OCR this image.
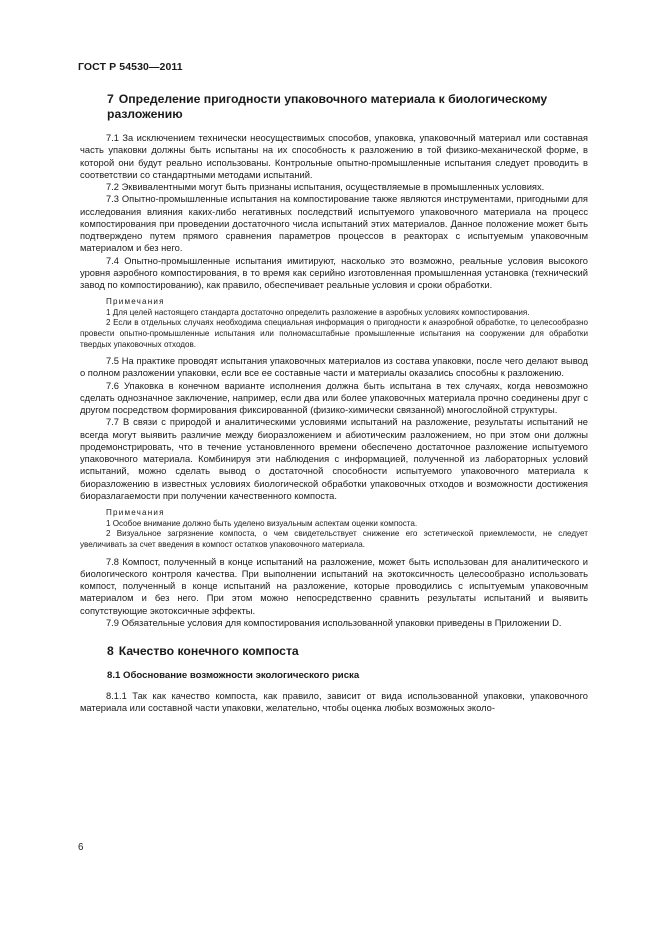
ГОСТ Р 54530—2011
7 Определение пригодности упаковочного материала к биологическому разложению

7.1 За исключением технически неосуществимых способов, упаковка, упаковочный материал или составная часть упаковки должны быть испытаны на их способность к разложению в той физико-механической форме, в которой они будут реально использованы. Контрольные опытно-промышленные испытания следует проводить в соответствии со стандартными методами испытаний.

7.2 Эквивалентными могут быть признаны испытания, осуществляемые в промышленных условиях.

7.3 Опытно-промышленные испытания на компостирование также являются инструментами, пригодными для исследования влияния каких-либо негативных последствий испытуемого упаковочного материала на процесс компостирования при проведении достаточного числа испытаний этих материалов. Данное положение может быть подтверждено путем прямого сравнения параметров процессов в реакторах с испытуемым упаковочным материалом и без него.

7.4 Опытно-промышленные испытания имитируют, насколько это возможно, реальные условия высокого уровня аэробного компостирования, в то время как серийно изготовленная промышленная установка (технический завод по компостированию), как правило, обеспечивает реальные условия и сроки обработки.

Примечания

1 Для целей настоящего стандарта достаточно определить разложение в аэробных условиях компостирования.

2 Если в отдельных случаях необходима специальная информация о пригодности к анаэробной обработке, то целесообразно провести опытно-промышленные испытания или полномасштабные промышленные испытания на сооружении для обработки твердых упаковочных отходов.

7.5 На практике проводят испытания упаковочных материалов из состава упаковки, после чего делают вывод о полном разложении упаковки, если все ее составные части и материалы оказались способны к разложению.

7.6 Упаковка в конечном варианте исполнения должна быть испытана в тех случаях, когда невозможно сделать однозначное заключение, например, если два или более упаковочных материала прочно соединены друг с другом посредством формирования фиксированной (физико-химически связанной) многослойной структуры.

7.7 В связи с природой и аналитическими условиями испытаний на разложение, результаты испытаний не всегда могут выявить различие между биоразложением и абиотическим разложением, но при этом они должны продемонстрировать, что в течение установленного времени обеспечено достаточное разложение испытуемого упаковочного материала. Комбинируя эти наблюдения с информацией, полученной из лабораторных условий испытаний, можно сделать вывод о достаточной способности испытуемого упаковочного материала к биоразложению в известных условиях биологической обработки упаковочных отходов и возможности достижения биоразлагаемости при получении качественного компоста.

Примечания

1 Особое внимание должно быть уделено визуальным аспектам оценки компоста.

2 Визуальное загрязнение компоста, о чем свидетельствует снижение его эстетической приемлемости, не следует увеличивать за счет введения в компост остатков упаковочного материала.

7.8 Компост, полученный в конце испытаний на разложение, может быть использован для аналитического и биологического контроля качества. При выполнении испытаний на экотоксичность целесообразно использовать компост, полученный в конце испытаний на разложение, которые проводились с испытуемым упаковочным материалом и без него. При этом можно непосредственно сравнить результаты испытаний и выявить сопутствующие экотоксичные эффекты.

7.9 Обязательные условия для компостирования использованной упаковки приведены в Приложении D.

8 Качество конечного компоста
8.1 Обоснование возможности экологического риска

8.1.1 Так как качество компоста, как правило, зависит от вида использованной упаковки, упаковочного материала или составной части упаковки, желательно, чтобы оценка любых возможных эколо-

6
